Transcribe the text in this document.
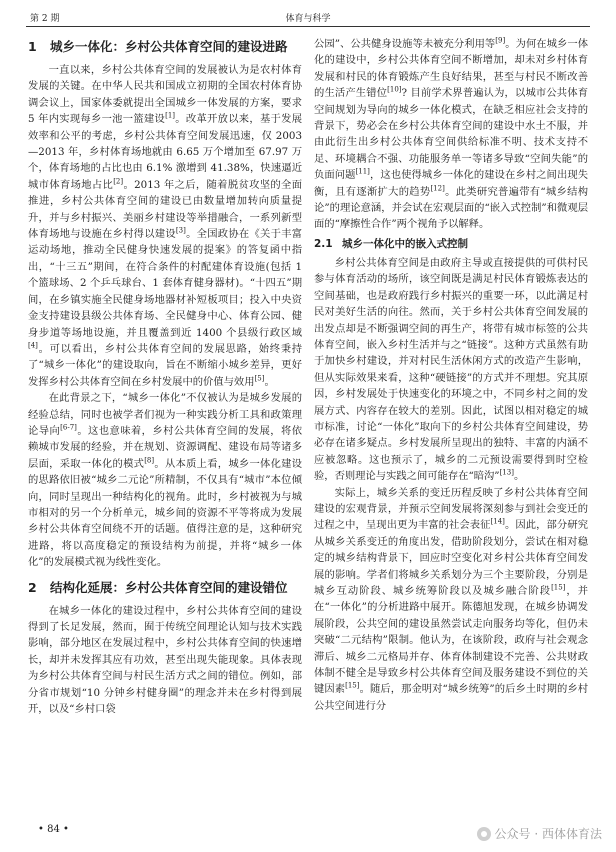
第 2 期	体育与科学
1 城乡一体化：乡村公共体育空间的建设进路

一直以来，乡村公共体育空间的发展被认为是农村体育发展的关键。在中华人民共和国成立初期的全国农村体育协调会议上，国家体委就提出全国城乡一体发展的方案，要求 5 年内实现每乡一池一篮建设[1]。改革开放以来，基于发展效率和公平的考虑，乡村公共体育空间发展迅速，仅 2003—2013 年，乡村体育场地就由 6.65 万个增加至 67.97 万个，体育场地的占比也由 6.1% 激增到 41.38%，快速逼近城市体育场地占比[2]。2013 年之后，随着脱贫攻坚的全面推进，乡村公共体育空间的建设已由数量增加转向质量提升，并与乡村振兴、美丽乡村建设等举措融合，一系列新型体育场地与设施在乡村得以建设[3]。全国政协在《关于丰富运动场地，推动全民健身快速发展的提案》的答复函中指出，“十三五”期间，在符合条件的村配建体育设施(包括 1 个篮球场、2 个乒乓球台、1 套体育健身器材)。“十四五”期间，在乡镇实施全民健身场地器材补短板项目；投入中央资金支持建设县级公共体育场、全民健身中心、体育公园、健身步道等场地设施，并且覆盖到近 1400 个县级行政区域[4]。可以看出，乡村公共体育空间的发展思路，始终秉持了“城乡一体化”的建设取向，旨在不断缩小城乡差异，更好发挥乡村公共体育空间在乡村发展中的价值与效用[5]。

在此背景之下，“城乡一体化”不仅被认为是城乡发展的经验总结，同时也被学者们视为一种实践分析工具和政策理论导向[6-7]。这也意味着，乡村公共体育空间的发展，将依赖城市发展的经验，并在规划、资源调配、建设布局等诸多层面，采取一体化的模式[8]。从本质上看，城乡一体化建设的思路依旧被“城乡二元论”所精制，不仅具有“城市”本位倾向，同时呈现出一种结构化的视角。此时，乡村被视为与城市相对的另一个分析单元，城乡间的资源不平等将成为发展乡村公共体育空间绕不开的话题。值得注意的是，这种研究进路，将以高度稳定的预设结构为前提，并将“城乡一体化”的发展模式视为线性变化。

2 结构化延展：乡村公共体育空间的建设错位

在城乡一体化的建设过程中，乡村公共体育空间的建设得到了长足发展，然而，囿于传统空间理论认知与技术实践影响，部分地区在发展过程中，乡村公共体育空间的快速增长，却并未发挥其应有功效，甚至出现失能现象。具体表现为乡村公共体育空间与村民生活方式之间的错位。例如，部分省市规划“10 分钟乡村健身圈”的理念并未在乡村得到展开，以及“乡村口袋

公园”、公共健身设施等未被充分利用等[9]。为何在城乡一体化的建设中，乡村公共体育空间不断增加，却未对乡村体育发展和村民的体育锻炼产生良好结果，甚至与村民不断改善的生活产生错位[10]? 目前学术界普遍认为，以城市公共体育空间规划为导向的城乡一体化模式，在缺乏相应社会支持的背景下，势必会在乡村公共体育空间的建设中水土不服，并由此衍生出乡村公共体育空间供给标准不明、技术支持不足、环境耦合不强、功能服务单一等诸多导致“空间失能”的负面问题[11]，这也使得城乡一体化的建设在乡村之间出现失衡，且有逐渐扩大的趋势[12]。此类研究普遍带有“城乡结构论”的理论意涵，并会试在宏观层面的“嵌入式控制”和微观层面的“摩擦性合作”两个视角予以解释。

2.1 城乡一体化中的嵌入式控制

乡村公共体育空间是由政府主导或直接提供的可供村民参与体育活动的场所，该空间既是满足村民体育锻炼表达的空间基础，也是政府践行乡村振兴的重要一环，以此满足村民对美好生活的向往。然而，关于乡村公共体育空间发展的出发点却是不断强调空间的再生产，将带有城市标签的公共体育空间，嵌入乡村生活并与之“链接”。这种方式虽然有助于加快乡村建设，并对村民生活休闲方式的改造产生影响，但从实际效果来看，这种“硬链接”的方式并不理想。究其原因，乡村发展处于快速变化的环境之中，不同乡村之间的发展方式、内容存在较大的差别。因此，试图以相对稳定的城市标准，讨论“一体化”取向下的乡村公共体育空间建设，势必存在诸多疑点。乡村发展所呈现出的独特、丰富的内涵不应被忽略。这也预示了，城乡的二元预设需要得到时空检验，否则理论与实践之间可能存在“暗沟”[13]。

实际上，城乡关系的变迁历程反映了乡村公共体育空间建设的宏观背景，并预示空间发展将深刻参与到社会变迁的过程之中，呈现出更为丰富的社会表征[14]。因此，部分研究从城乡关系变迁的角度出发，借助阶段划分，尝试在相对稳定的城乡结构背景下，回应时空变化对乡村公共体育空间发展的影响。学者们将城乡关系划分为三个主要阶段，分别是城乡互动阶段、城乡统筹阶段以及城乡融合阶段[15]，并在“一体化”的分析进路中展开。陈德旭发现，在城乡协调发展阶段，公共空间的建设虽然尝试走向服务均等化，但仍未突破“二元结构”限制。他认为，在该阶段，政府与社会观念滞后、城乡二元格局并存、体育体制建设不完善、公共财政体制不健全是导致乡村公共体育空间及服务建设不到位的关键因素[15]。随后，那金明对“城乡统筹”的后乡土时期的乡村公共空间进行分

• 84 •	公众号 · 西体体育法
